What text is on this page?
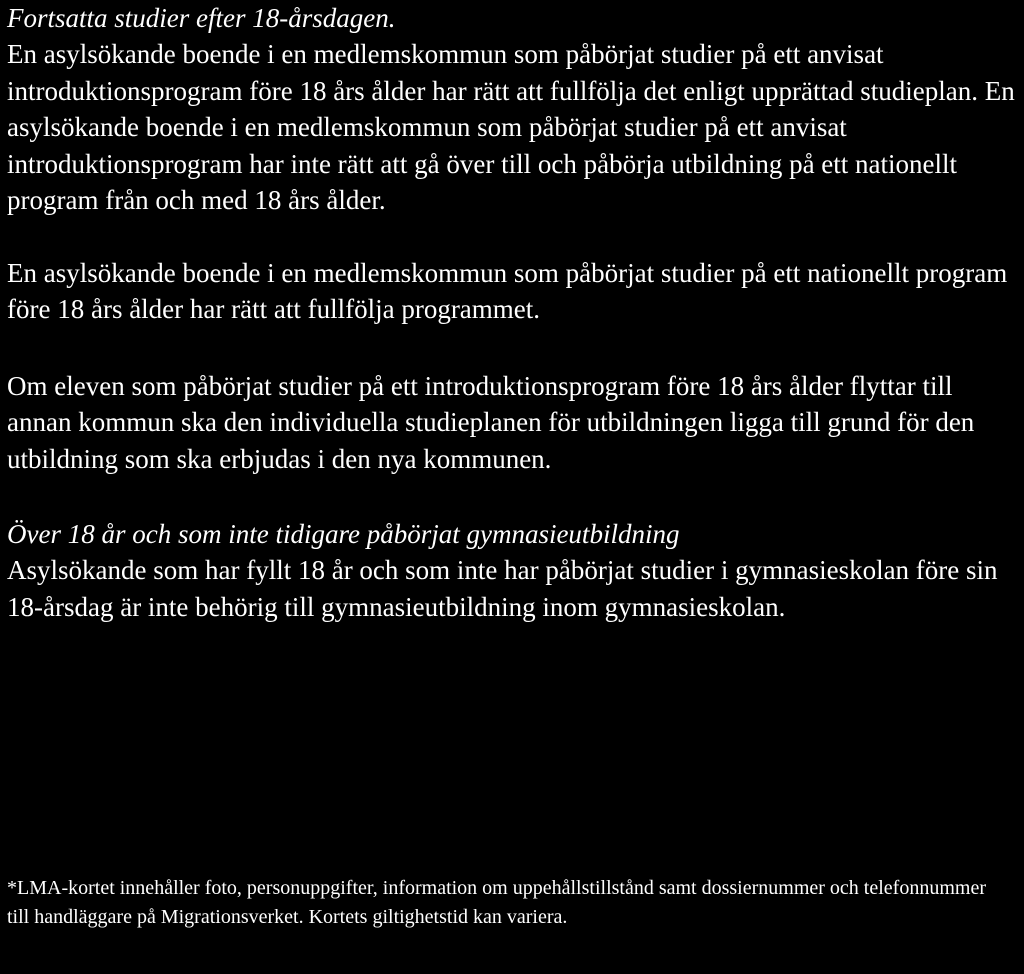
Fortsatta studier efter 18-årsdagen.

En asylsökande boende i en medlemskommun som påbörjat studier på ett anvisat introduktionsprogram före 18 års ålder har rätt att fullfölja det enligt upprättad studieplan. En asylsökande boende i en medlemskommun som påbörjat studier på ett anvisat introduktionsprogram har inte rätt att gå över till och påbörja utbildning på ett nationellt program från och med 18 års ålder.

En asylsökande boende i en medlemskommun som påbörjat studier på ett nationellt program före 18 års ålder har rätt att fullfölja programmet.

Om eleven som påbörjat studier på ett introduktionsprogram före 18 års ålder flyttar till annan kommun ska den individuella studieplanen för utbildningen ligga till grund för den utbildning som ska erbjudas i den nya kommunen.

Över 18 år och som inte tidigare påbörjat gymnasieutbildning

Asylsökande som har fyllt 18 år och som inte har påbörjat studier i gymnasieskolan före sin 18-årsdag är inte behörig till gymnasieutbildning inom gymnasieskolan.

*LMA-kortet innehåller foto, personuppgifter, information om uppehållstillstånd samt dossiernummer och telefonnummer till handläggare på Migrationsverket. Kortets giltighetstid kan variera.
